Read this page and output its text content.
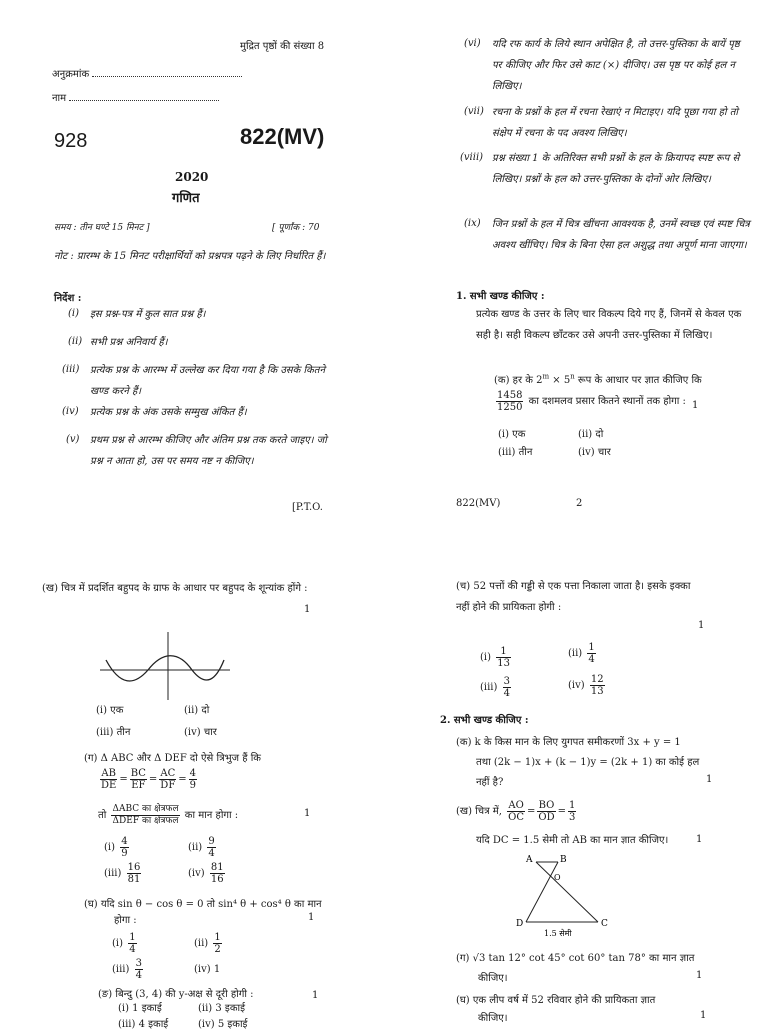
मुद्रित पृष्ठों की संख्या 8
अनुक्रमांक
नाम
928	822(MV)
2020
गणित
समय : तीन घण्टे 15 मिनट ]	[ पूर्णांक : 70
नोट : प्रारम्भ के 15 मिनट परीक्षार्थियों को प्रश्नपत्र पढ़ने के लिए निर्धारित हैं।
निर्देश :
(i) इस प्रश्न-पत्र में कुल सात प्रश्न हैं।
(ii) सभी प्रश्न अनिवार्य हैं।
(iii) प्रत्येक प्रश्न के आरम्भ में उल्लेख कर दिया गया है कि उसके कितने खण्ड करने हैं।
(iv) प्रत्येक प्रश्न के अंक उसके सम्मुख अंकित हैं।
(v) प्रथम प्रश्न से आरम्भ कीजिए और अंतिम प्रश्न तक करते जाइए। जो प्रश्न न आता हो, उस पर समय नष्ट न कीजिए।
[P.T.O.
(vi) यदि रफ कार्य के लिये स्थान अपेक्षित है, तो उत्तर-पुस्तिका के बायें पृष्ठ पर कीजिए और फिर उसे काट (×) दीजिए। उस पृष्ठ पर कोई हल न लिखिए।
(vii) रचना के प्रश्नों के हल में रचना रेखाएं न मिटाइए। यदि पूछा गया हो तो संक्षेप में रचना के पद अवश्य लिखिए।
(viii) प्रश्न संख्या 1 के अतिरिक्त सभी प्रश्नों के हल के क्रियापद स्पष्ट रूप से लिखिए। प्रश्नों के हल को उत्तर-पुस्तिका के दोनों ओर लिखिए।
(ix) जिन प्रश्नों के हल में चित्र खींचना आवश्यक है, उनमें स्वच्छ एवं स्पष्ट चित्र अवश्य खींचिए। चित्र के बिना ऐसा हल अशुद्ध तथा अपूर्ण माना जाएगा।
1. सभी खण्ड कीजिए :
प्रत्येक खण्ड के उत्तर के लिए चार विकल्प दिये गए हैं, जिनमें से केवल एक सही है। सही विकल्प छाँटकर उसे अपनी उत्तर-पुस्तिका में लिखिए।
(क) हर के $2^m \times 5^n$ रूप के आधार पर ज्ञात कीजिए कि
$\frac{1458}{1250}$ का दशमलव प्रसार कितने स्थानों तक होगा : 1
(i) एक	(ii) दो
(iii) तीन	(iv) चार
822(MV)	2
(ख) चित्र में प्रदर्शित बहुपद के ग्राफ के आधार पर बहुपद के शून्यांक होंगे :
1
(i) एक	(ii) दो
(iii) तीन	(iv) चार
(ग) Δ ABC और Δ DEF दो ऐसे त्रिभुज हैं कि
$\frac{AB}{DE} = \frac{BC}{EF} = \frac{AC}{DF} = \frac{4}{9}$
तो
ΔABC का क्षेत्रफल
ΔDEF का क्षेत्रफल का मान होगा :	1
$(i) \frac{4}{9}$	$(ii) \frac{9}{4}$
$(iii) \frac{16}{81}$	$(iv) \frac{81}{16}$
(घ) यदि sin θ − cos θ = 0 तो sin⁴ θ + cos⁴ θ का मान
होगा :	1
$(i) \frac{1}{4}$	$(ii) \frac{1}{2}$
$(iii) \frac{3}{4}$	(iv) 1
(ङ) बिन्दु (3, 4) की y-अक्ष से दूरी होगी :	1
(i) 1 इकाई	(ii) 3 इकाई
(iii) 4 इकाई	(iv) 5 इकाई
(च) 52 पत्तों की गड्डी से एक पत्ता निकाला जाता है। इसके इक्का नहीं होने की प्रायिकता होगी :
1
$(i) \frac{1}{13}$	$(ii) \frac{1}{4}$
$(iii) \frac{3}{4}$	$(iv) \frac{12}{13}$
2. सभी खण्ड कीजिए :
(क) k के किस मान के लिए युगपत समीकरणों 3x + y = 1
तथा (2k − 1)x + (k − 1)y = (2k + 1) का कोई हल
नहीं है?	1
(ख) चित्र में, $\frac{AO}{OC} = \frac{BO}{OD} = \frac{1}{3}$
यदि DC = 1.5 सेमी तो AB का मान ज्ञात कीजिए।	1
A	B
O
D	C
1.5 सेमी
(ग) √3 tan 12° cot 45° cot 60° tan 78° का मान ज्ञात
कीजिए।	1
(घ) एक लीप वर्ष में 52 रविवार होने की प्रायिकता ज्ञात
कीजिए।	1
